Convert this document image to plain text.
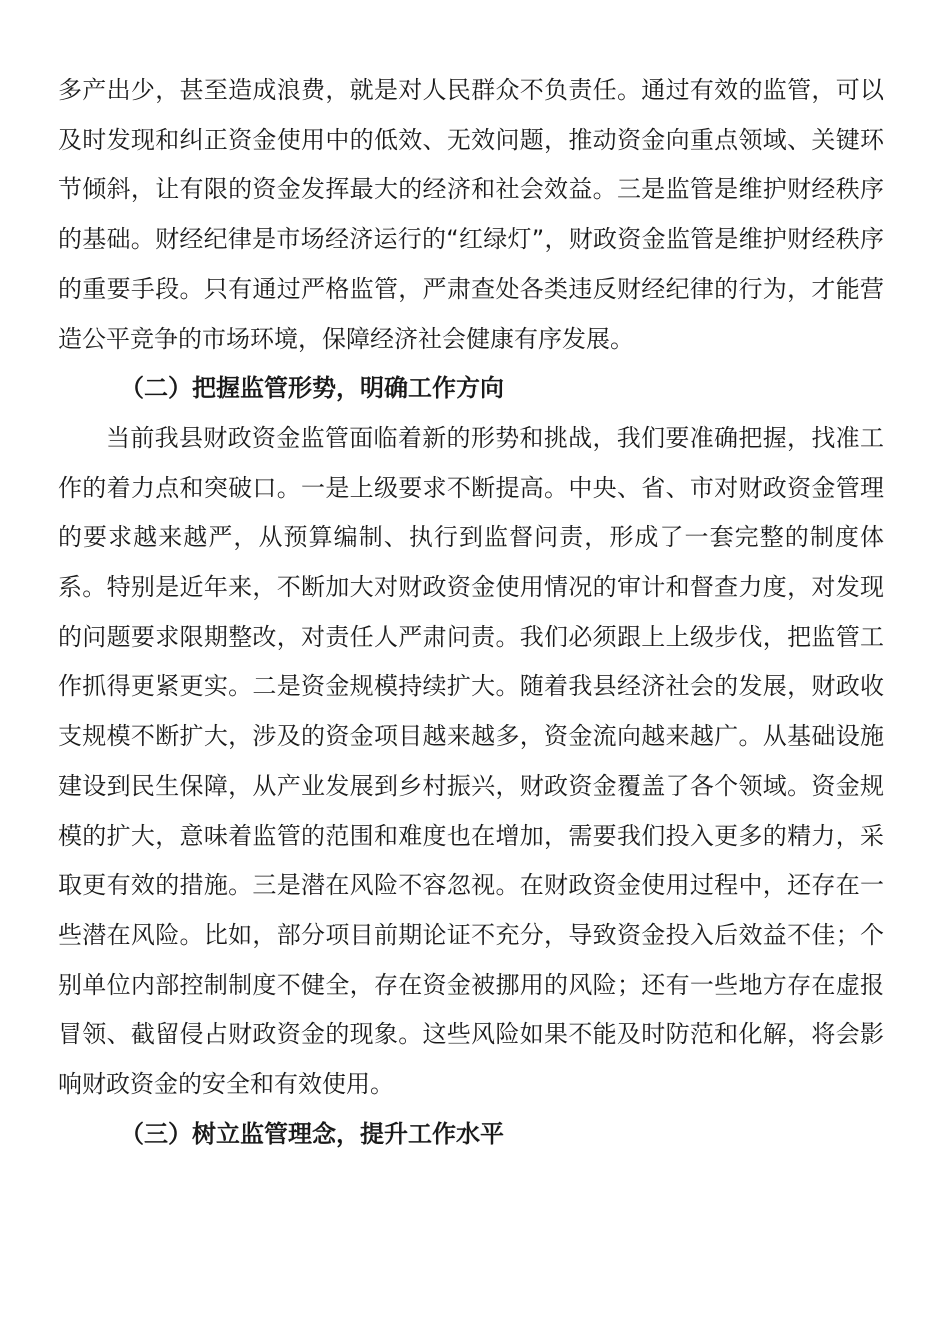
多产出少，甚至造成浪费，就是对人民群众不负责任。通过有效的监管，可以及时发现和纠正资金使用中的低效、无效问题，推动资金向重点领域、关键环节倾斜，让有限的资金发挥最大的经济和社会效益。三是监管是维护财经秩序的基础。财经纪律是市场经济运行的“红绿灯”，财政资金监管是维护财经秩序的重要手段。只有通过严格监管，严肃查处各类违反财经纪律的行为，才能营造公平竞争的市场环境，保障经济社会健康有序发展。

（二）把握监管形势，明确工作方向

当前我县财政资金监管面临着新的形势和挑战，我们要准确把握，找准工作的着力点和突破口。一是上级要求不断提高。中央、省、市对财政资金管理的要求越来越严，从预算编制、执行到监督问责，形成了一套完整的制度体系。特别是近年来，不断加大对财政资金使用情况的审计和督查力度，对发现的问题要求限期整改，对责任人严肃问责。我们必须跟上上级步伐，把监管工作抓得更紧更实。二是资金规模持续扩大。随着我县经济社会的发展，财政收支规模不断扩大，涉及的资金项目越来越多，资金流向越来越广。从基础设施建设到民生保障，从产业发展到乡村振兴，财政资金覆盖了各个领域。资金规模的扩大，意味着监管的范围和难度也在增加，需要我们投入更多的精力，采取更有效的措施。三是潜在风险不容忽视。在财政资金使用过程中，还存在一些潜在风险。比如，部分项目前期论证不充分，导致资金投入后效益不佳；个别单位内部控制制度不健全，存在资金被挪用的风险；还有一些地方存在虚报冒领、截留侵占财政资金的现象。这些风险如果不能及时防范和化解，将会影响财政资金的安全和有效使用。

（三）树立监管理念，提升工作水平
